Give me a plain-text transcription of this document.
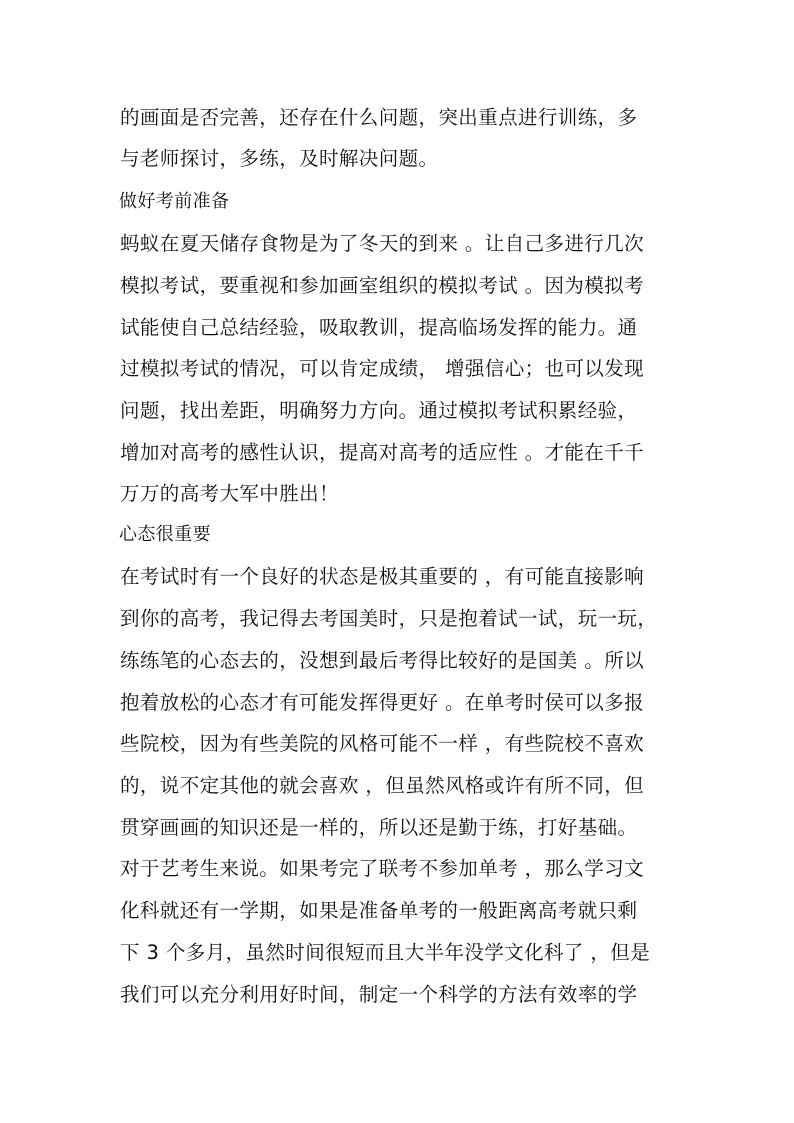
的画面是否完善，还存在什么问题，突出重点进行训练，多
与老师探讨，多练，及时解决问题。
做好考前准备
蚂蚁在夏天储存食物是为了冬天的到来 。让自己多进行几次
模拟考试，要重视和参加画室组织的模拟考试 。因为模拟考
试能使自己总结经验，吸取教训，提高临场发挥的能力。通
过模拟考试的情况，可以肯定成绩， 增强信心；也可以发现
问题，找出差距，明确努力方向。通过模拟考试积累经验，
增加对高考的感性认识，提高对高考的适应性 。才能在千千
万万的高考大军中胜出！
心态很重要
在考试时有一个良好的状态是极其重要的 ，有可能直接影响
到你的高考，我记得去考国美时，只是抱着试一试，玩一玩，
练练笔的心态去的，没想到最后考得比较好的是国美 。所以
抱着放松的心态才有可能发挥得更好 。在单考时侯可以多报
些院校，因为有些美院的风格可能不一样 ，有些院校不喜欢
的，说不定其他的就会喜欢 ，但虽然风格或许有所不同，但
贯穿画画的知识还是一样的，所以还是勤于练，打好基础。
对于艺考生来说。如果考完了联考不参加单考 ，那么学习文
化科就还有一学期，如果是准备单考的一般距离高考就只剩
下 3 个多月，虽然时间很短而且大半年没学文化科了 ，但是
我们可以充分利用好时间，制定一个科学的方法有效率的学
